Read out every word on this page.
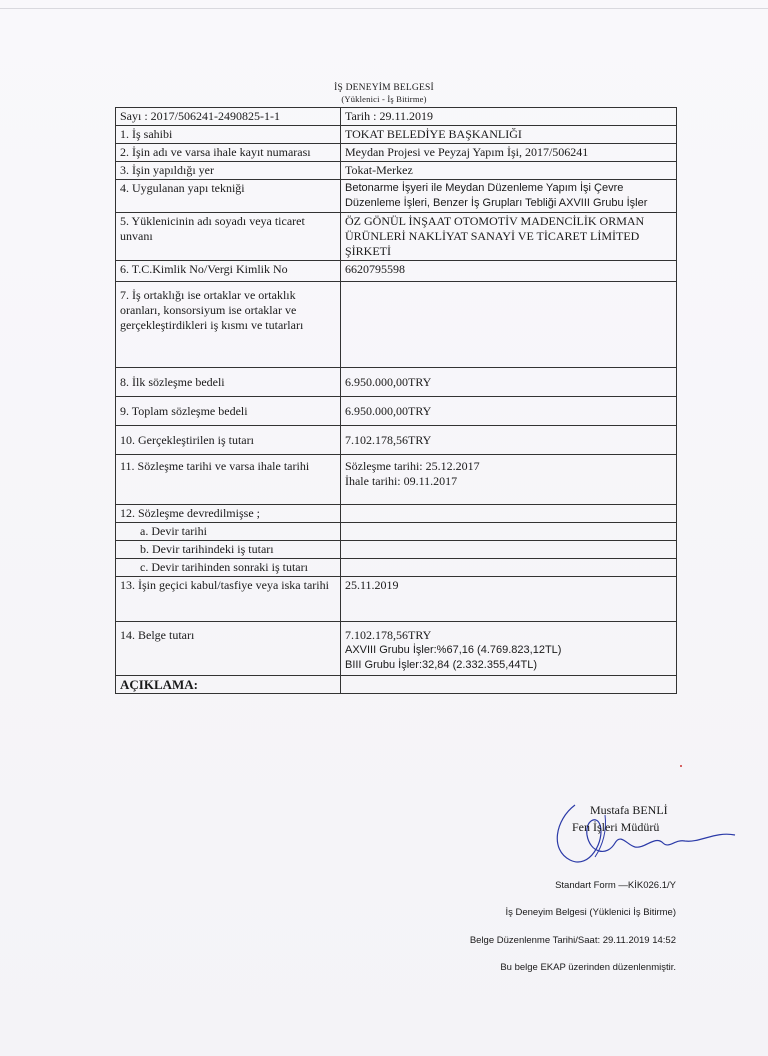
İŞ DENEYİM BELGESİ
(Yüklenici - İş Bitirme)
Sayı : 2017/506241-2490825-1-1	Tarih : 29.11.2019
1. İş sahibi	TOKAT BELEDİYE BAŞKANLIĞI
2. İşin adı ve varsa ihale kayıt numarası	Meydan Projesi ve Peyzaj Yapım İşi, 2017/506241
3. İşin yapıldığı yer	Tokat-Merkez
4. Uygulanan yapı tekniği	Betonarme İşyeri ile Meydan Düzenleme Yapım İşi Çevre Düzenleme İşleri, Benzer İş Grupları Tebliği AXVIII Grubu İşler
5. Yüklenicinin adı soyadı veya ticaret unvanı	ÖZ GÖNÜL İNŞAAT OTOMOTİV MADENCİLİK ORMAN ÜRÜNLERİ NAKLİYAT SANAYİ VE TİCARET LİMİTED ŞİRKETİ
6. T.C.Kimlik No/Vergi Kimlik No	6620795598
7. İş ortaklığı ise ortaklar ve ortaklık oranları, konsorsiyum ise ortaklar ve gerçekleştirdikleri iş kısmı ve tutarları	
8. İlk sözleşme bedeli	6.950.000,00TRY
9. Toplam sözleşme bedeli	6.950.000,00TRY
10. Gerçekleştirilen iş tutarı	7.102.178,56TRY
11. Sözleşme tarihi ve varsa ihale tarihi	Sözleşme tarihi: 25.12.2017
İhale tarihi: 09.11.2017

12. Sözleşme devredilmişse ;	
a. Devir tarihi	
b. Devir tarihindeki iş tutarı	
c. Devir tarihinden sonraki iş tutarı	
13. İşin geçici kabul/tasfiye veya iska tarihi	25.11.2019
14. Belge tutarı	7.102.178,56TRY
AXVIII Grubu İşler:%67,16 (4.769.823,12TL)
BIII Grubu İşler:32,84 (2.332.355,44TL)

AÇIKLAMA:	
Mustafa BENLİ
Fen İşleri Müdürü
Standart Form —KİK026.1/Y
İş Deneyim Belgesi (Yüklenici İş Bitirme)
Belge Düzenlenme Tarihi/Saat: 29.11.2019 14:52
Bu belge EKAP üzerinden düzenlenmiştir.
